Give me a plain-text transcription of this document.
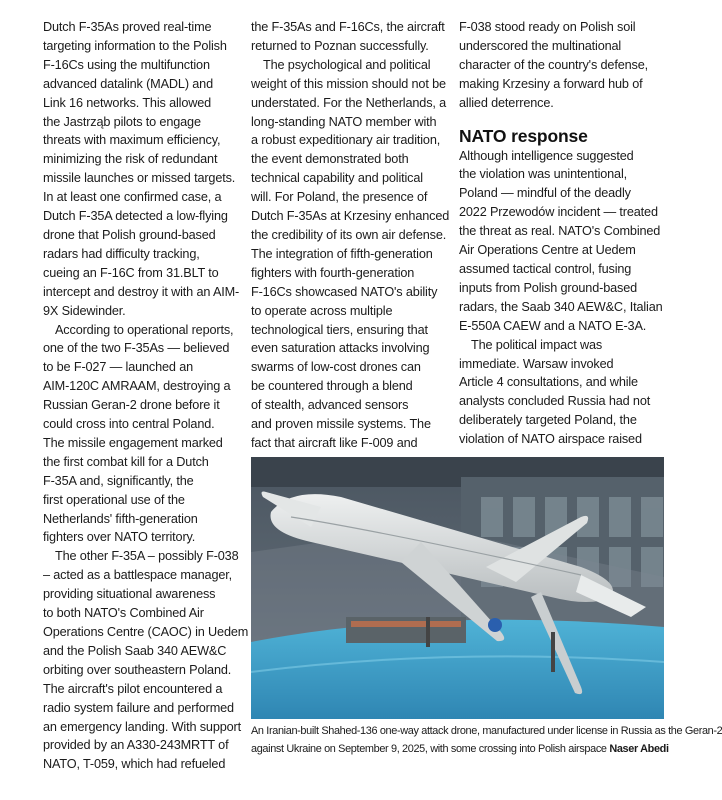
Dutch F-35As proved real-time
targeting information to the Polish
F-16Cs using the multifunction
advanced datalink (MADL) and
Link 16 networks. This allowed
the Jastrząb pilots to engage
threats with maximum efficiency,
minimizing the risk of redundant
missile launches or missed targets.
In at least one confirmed case, a
Dutch F-35A detected a low-flying
drone that Polish ground-based
radars had difficulty tracking,
cueing an F-16C from 31.BLT to
intercept and destroy it with an AIM-
9X Sidewinder.

According to operational reports,
one of the two F-35As — believed
to be F-027 — launched an
AIM-120C AMRAAM, destroying a
Russian Geran-2 drone before it
could cross into central Poland.
The missile engagement marked
the first combat kill for a Dutch
F-35A and, significantly, the
first operational use of the
Netherlands' fifth-generation
fighters over NATO territory.

The other F-35A – possibly F-038
– acted as a battlespace manager,
providing situational awareness
to both NATO's Combined Air
Operations Centre (CAOC) in Uedem
and the Polish Saab 340 AEW&C
orbiting over southeastern Poland.
The aircraft's pilot encountered a
radio system failure and performed
an emergency landing. With support
provided by an A330-243MRTT of
NATO, T-059, which had refueled

the F-35As and F-16Cs, the aircraft
returned to Poznan successfully.

The psychological and political
weight of this mission should not be
understated. For the Netherlands, a
long-standing NATO member with
a robust expeditionary air tradition,
the event demonstrated both
technical capability and political
will. For Poland, the presence of
Dutch F-35As at Krzesiny enhanced
the credibility of its own air defense.
The integration of fifth-generation
fighters with fourth-generation
F-16Cs showcased NATO's ability
to operate across multiple
technological tiers, ensuring that
even saturation attacks involving
swarms of low-cost drones can
be countered through a blend
of stealth, advanced sensors
and proven missile systems. The
fact that aircraft like F-009 and

F-038 stood ready on Polish soil
underscored the multinational
character of the country's defense,
making Krzesiny a forward hub of
allied deterrence.

NATO response

Although intelligence suggested
the violation was unintentional,
Poland — mindful of the deadly
2022 Przewodów incident — treated
the threat as real. NATO's Combined
Air Operations Centre at Uedem
assumed tactical control, fusing
inputs from Polish ground-based
radars, the Saab 340 AEW&C, Italian
E-550A CAEW and a NATO E-3A.

The political impact was
immediate. Warsaw invoked
Article 4 consultations, and while
analysts concluded Russia had not
deliberately targeted Poland, the
violation of NATO airspace raised

An Iranian-built Shahed-136 one-way attack drone, manufactured under license in Russia as the Geran-2
against Ukraine on September 9, 2025, with some crossing into Polish airspace Naser Abedi
